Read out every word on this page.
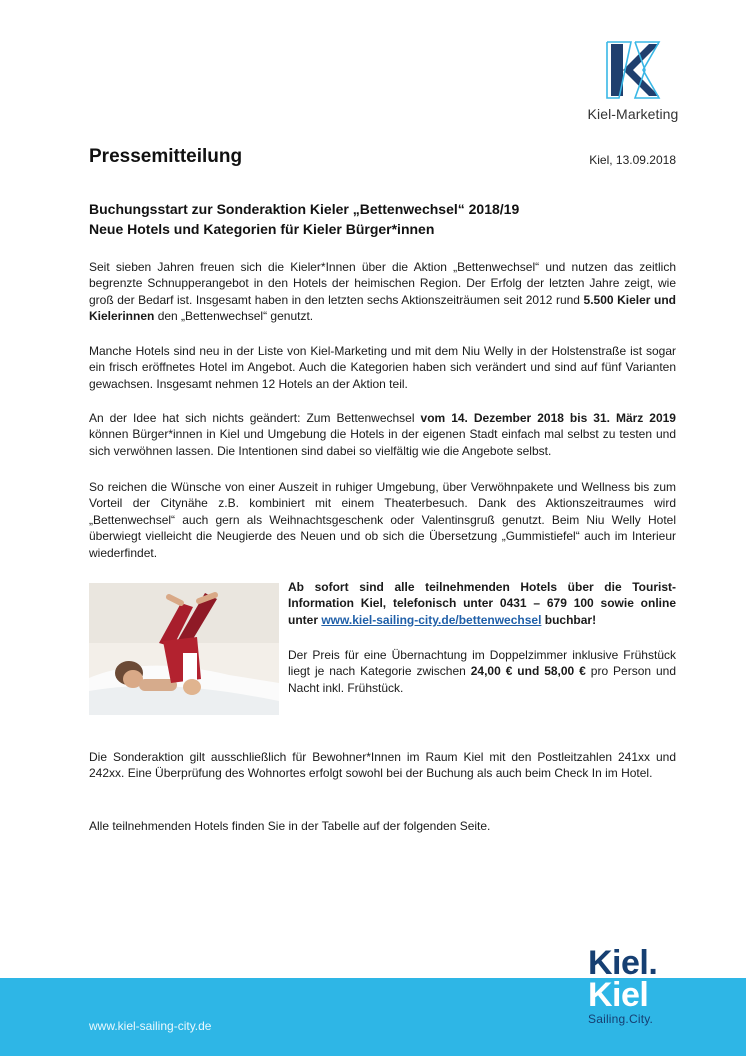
Kiel-Marketing
Pressemitteilung	Kiel, 13.09.2018
Buchungsstart zur Sonderaktion Kieler „Bettenwechsel“ 2018/19
Neue Hotels und Kategorien für Kieler Bürger*innen
Seit sieben Jahren freuen sich die Kieler*Innen über die Aktion „Bettenwechsel“ und nutzen das zeitlich begrenzte Schnupperangebot in den Hotels der heimischen Region. Der Erfolg der letzten Jahre zeigt, wie groß der Bedarf ist. Insgesamt haben in den letzten sechs Aktionszeiträumen seit 2012 rund 5.500 Kieler und Kielerinnen den „Bettenwechsel“ genutzt.
Manche Hotels sind neu in der Liste von Kiel-Marketing und mit dem Niu Welly in der Holstenstraße ist sogar ein frisch eröffnetes Hotel im Angebot. Auch die Kategorien haben sich verändert und sind auf fünf Varianten gewachsen. Insgesamt nehmen 12 Hotels an der Aktion teil.
An der Idee hat sich nichts geändert: Zum Bettenwechsel vom 14. Dezember 2018 bis 31. März 2019 können Bürger*innen in Kiel und Umgebung die Hotels in der eigenen Stadt einfach mal selbst zu testen und sich verwöhnen lassen. Die Intentionen sind dabei so vielfältig wie die Angebote selbst.
So reichen die Wünsche von einer Auszeit in ruhiger Umgebung, über Verwöhnpakete und Wellness bis zum Vorteil der Citynähe z.B. kombiniert mit einem Theaterbesuch. Dank des Aktionszeitraumes wird „Bettenwechsel“ auch gern als Weihnachtsgeschenk oder Valentinsgruß genutzt. Beim Niu Welly Hotel überwiegt vielleicht die Neugierde des Neuen und ob sich die Übersetzung „Gummistiefel“ auch im Interieur wiederfindet.
Ab sofort sind alle teilnehmenden Hotels über die Tourist-Information Kiel, telefonisch unter 0431 – 679 100 sowie online unter www.kiel-sailing-city.de/bettenwechsel buchbar!
Der Preis für eine Übernachtung im Doppelzimmer inklusive Frühstück liegt je nach Kategorie zwischen 24,00 € und 58,00 € pro Person und Nacht inkl. Frühstück.
Die Sonderaktion gilt ausschließlich für Bewohner*Innen im Raum Kiel mit den Postleitzahlen 241xx und 242xx. Eine Überprüfung des Wohnortes erfolgt sowohl bei der Buchung als auch beim Check In im Hotel.
Alle teilnehmenden Hotels finden Sie in der Tabelle auf der folgenden Seite.
www.kiel-sailing-city.de
Kiel.
Kiel
Sailing.City.
